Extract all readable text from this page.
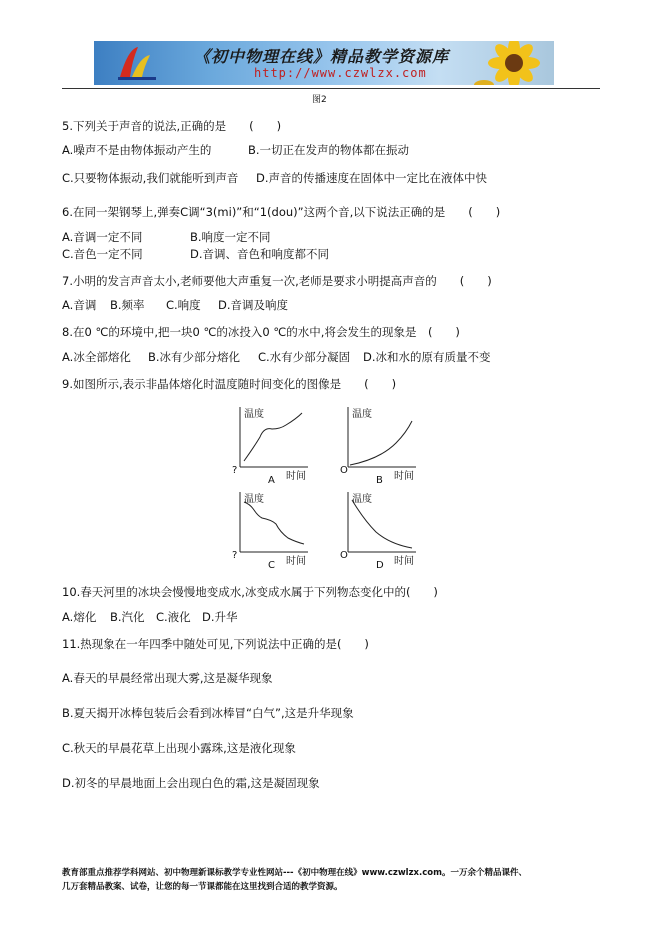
《初中物理在线》精品教学资源库
http://www.czwlzx.com
图2
5.下列关于声音的说法,正确的是　　(　　)
A.噪声不是由物体振动产生的	B.一切正在发声的物体都在振动
C.只要物体振动,我们就能听到声音 D.声音的传播速度在固体中一定比在液体中快
6.在同一架钢琴上,弹奏C调“3(mi)”和“1(dou)”这两个音,以下说法正确的是　　(　　)
A.音调一定不同	B.响度一定不同
C.音色一定不同	D.音调、音色和响度都不同
7.小明的发言声音太小,老师要他大声重复一次,老师是要求小明提高声音的　　(　　)
A.音调 B.频率 C.响度 D.音调及响度
8.在0 ℃的环境中,把一块0 ℃的冰投入0 ℃的水中,将会发生的现象是　(　　)
A.冰全部熔化 B.冰有少部分熔化 C.水有少部分凝固 D.冰和水的原有质量不变
9.如图所示,表示非晶体熔化时温度随时间变化的图像是　　(　　)
温度
时间
?
A
温度
时间
O
B
温度
时间
?
C
温度
时间
O
D
10.春天河里的冰块会慢慢地变成水,冰变成水属于下列物态变化中的(　　)
A.熔化 B.汽化 C.液化 D.升华
11.热现象在一年四季中随处可见,下列说法中正确的是(　　)
A.春天的早晨经常出现大雾,这是凝华现象
B.夏天揭开冰棒包装后会看到冰棒冒“白气”,这是升华现象
C.秋天的早晨花草上出现小露珠,这是液化现象
D.初冬的早晨地面上会出现白色的霜,这是凝固现象
教育部重点推荐学科网站、初中物理新课标教学专业性网站---《初中物理在线》www.czwlzx.com。一万余个精品课件、
几万套精品教案、试卷，让您的每一节课都能在这里找到合适的教学资源。
